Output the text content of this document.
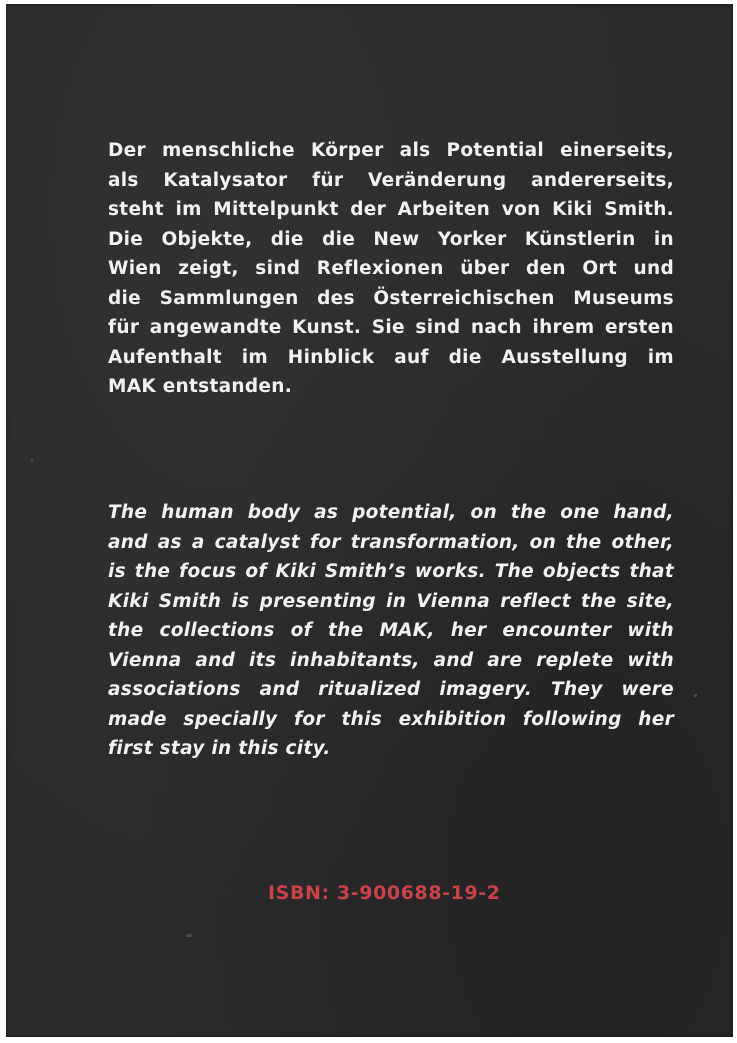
Der menschliche Körper als Potential einerseits,
als Katalysator für Veränderung andererseits,
steht im Mittelpunkt der Arbeiten von Kiki Smith.
Die Objekte, die die New Yorker Künstlerin in
Wien zeigt, sind Reflexionen über den Ort und
die Sammlungen des Österreichischen Museums
für angewandte Kunst. Sie sind nach ihrem ersten
Aufenthalt im Hinblick auf die Ausstellung im
MAK entstanden.
The human body as potential, on the one hand,
and as a catalyst for transformation, on the other,
is the focus of Kiki Smith’s works. The objects that
Kiki Smith is presenting in Vienna reflect the site,
the collections of the MAK, her encounter with
Vienna and its inhabitants, and are replete with
associations and ritualized imagery. They were
made specially for this exhibition following her
first stay in this city.
ISBN: 3-900688-19-2
